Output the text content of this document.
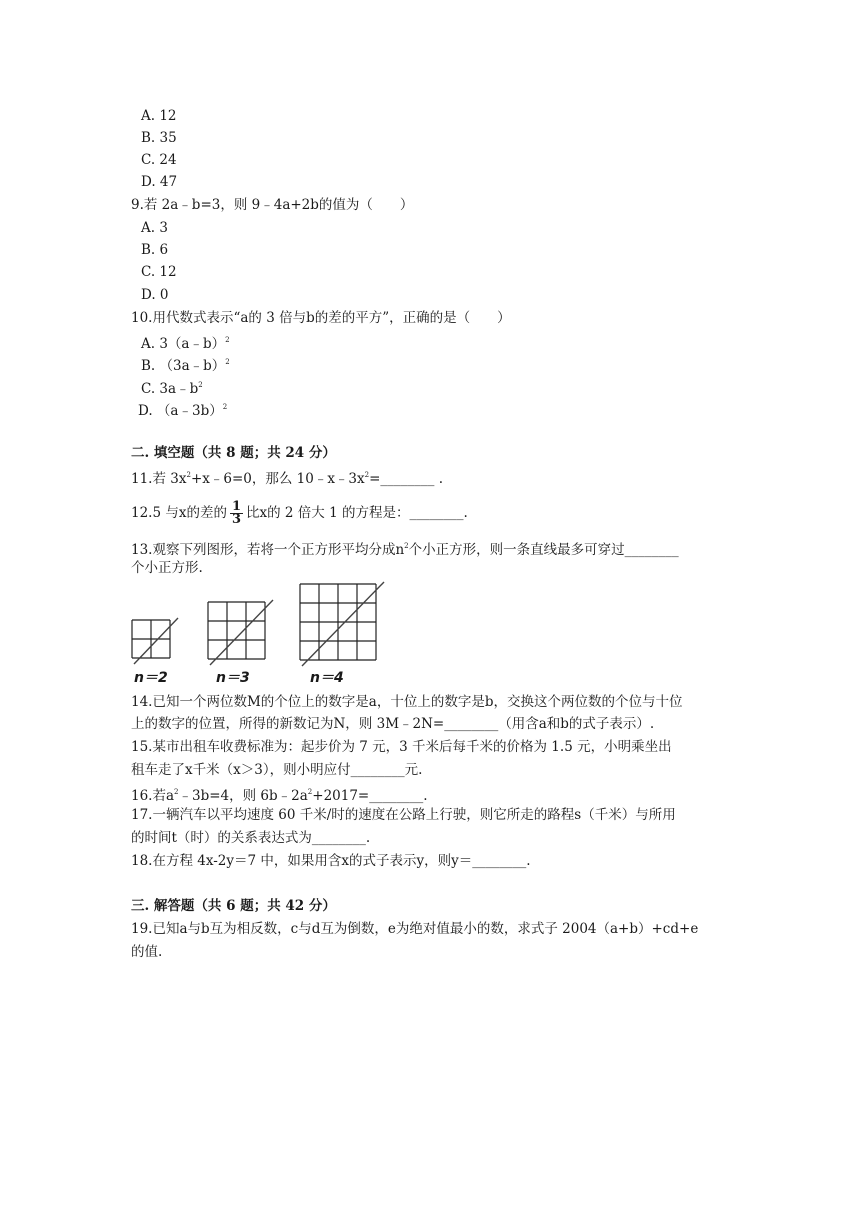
A. 12
B. 35
C. 24
D. 47
9.若 2a﹣b=3，则 9﹣4a+2b的值为（　　）
A. 3
B. 6
C. 12
D. 0
10.用代数式表示“a的 3 倍与b的差的平方”，正确的是（　　）
A. 3（a﹣b）$^2$
B. （3a﹣b）$^2$
C. $3a﹣b^2$
D. （a﹣3b）$^2$
二. 填空题（共 8 题；共 24 分）
11.若 $3x^2+x﹣6=0$，那么 $10﹣x﹣3x^2=\_\_\_\_\_\_\_\_$ .
12.5 与x的差的 $\frac{1}{3}$ 比x的 2 倍大 1 的方程是：________.
13.观察下列图形，若将一个正方形平均分成$n^2$个小正方形，则一条直线最多可穿过________
个小正方形.
n＝2	n＝3	n＝4
14.已知一个两位数M的个位上的数字是a，十位上的数字是b，交换这个两位数的个位与十位
上的数字的位置，所得的新数记为N，则 3M﹣2N=________（用含a和b的式子表示）.
15.某市出租车收费标准为：起步价为 7 元，3 千米后每千米的价格为 1.5 元，小明乘坐出
租车走了x千米（x＞3），则小明应付________元.
16.若$a^2﹣3b=4$，则 $6b﹣2a^2+2017=\_\_\_\_\_\_\_\_$.
17.一辆汽车以平均速度 60 千米/时的速度在公路上行驶，则它所走的路程s（千米）与所用
的时间t（时）的关系表达式为________.
18.在方程 4x-2y＝7 中，如果用含x的式子表示y，则y＝________.
三. 解答题（共 6 题；共 42 分）
19.已知a与b互为相反数，c与d互为倒数，e为绝对值最小的数，求式子 2004（a+b）+cd+e
的值.
